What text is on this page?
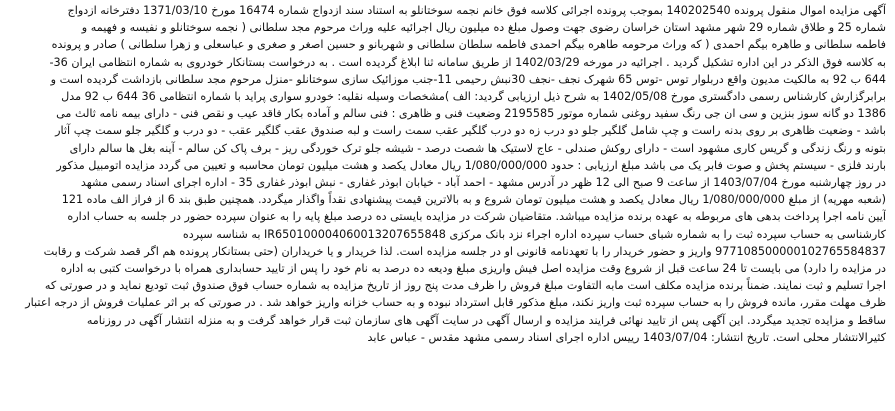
آگهی مزایده اموال منقول پرونده 140202540 بموجب پرونده اجرائی کلاسه فوق خانم نجمه سوختانلو به استناد سند ازدواج شماره 16474 مورخ 1371/03/10 دفترخانه ازدواج
شماره 25 و طلاق شماره 29 شهر مشهد استان خراسان رضوی جهت وصول مبلغ ده میلیون ریال اجرائیه علیه وراث مرحوم مجد سلطانی ( نجمه سوختانلو و نفیسه و فهیمه و
فاطمه سلطانی و طاهره بیگم احمدی ( که وراث مرحومه طاهره بیگم احمدی فاطمه سلطان سلطانی و شهربانو و حسین اصغر و صغری و عباسعلی و زهرا سلطانی ) صادر و پرونده
به کلاسه فوق الذکر در این اداره تشکیل گردید . اجرائیه در مورخه 1402/03/29 از طریق سامانه ثنا ابلاغ گردیده است . به درخواست بستانکار خودروی به شماره انتظامی ایران 36-
644 ب 92 به مالکیت مدیون واقع دربلوار توس -توس 65 شهرک نجف -نجف 30نبش رحیمی 11-جنب موزائیک سازی سوختانلو -منزل مرحوم مجد سلطانی بازداشت گردیده است و
برابرگزارش کارشناس رسمی دادگستری مورخ 1402/05/08 به شرح ذیل ارزیابی گردید: الف )مشخصات وسیله نقلیه: خودرو سواری پراید با شماره انتظامی 36 644 ب 92 مدل
1386 دو گانه سوز بنزین و سی ان جی رنگ سفید روغنی شماره موتور 2195585 وضعیت فنی و ظاهری : فنی سالم و آماده بکار فاقد عیب و نقص فنی - دارای بیمه نامه ثالث می
باشد - وضعیت ظاهری بر روی بدنه راست و چپ شامل گلگیر جلو دو درب زه دو درب گلگیر عقب سمت راست و لبه صندوق عقب گلگیر عقب - دو درب و گلگیر جلو سمت چپ آثار
بتونه و رنگ زندگی و گریس کاری مشهود است - دارای روکش صندلی - عاج لاستیک ها شصت درصد - شیشه جلو ترک خوردگی ریز - برف پاک کن سالم - آینه بغل ها سالم دارای
بارند فلزی - سیستم پخش و صوت فابر یک می باشد مبلغ ارزیابی : حدود 1/080/000/000 ریال معادل یکصد و هشت میلیون تومان محاسبه و تعیین می گردد مزایده اتومبیل مذکور
در روز چهارشنبه مورخ 1403/07/04 از ساعت 9 صبح الی 12 ظهر در آدرس مشهد - احمد آباد - خیابان ابوذر غفاری - نبش ابوذر غفاری 35 - اداره اجرای اسناد رسمی مشهد
(شعبه مهریه) از مبلغ 1/080/000/000 ریال معادل یکصد و هشت میلیون تومان شروع و به بالاترین قیمت پیشنهادی نقداً واگذار میگردد. همچنین طبق بند 6 از فراز الف ماده 121
آیین نامه اجرا پرداخت بدهی های مربوطه به عهده برنده مزایده میباشد. متقاضیان شرکت در مزایده بایستی ده درصد مبلغ پایه را به عنوان سپرده حضور در جلسه به حساب اداره
کارشناسی به حساب سپرده ثبت را به شماره شبای حساب سپرده اداره اجراء نزد بانک مرکزی IR650100004060013207655848 به شناسه سپرده
977108500000102765584837 واریز و حضور خریدار را با تعهدنامه قانونی او در جلسه مزایده است. لذا خریدار و یا خریداران (حتی بستانکار پرونده هم اگر قصد شرکت و رقابت
در مزایده را دارد) می بایست تا 24 ساعت قبل از شروع وقت مزایده اصل فیش واریزی مبلغ ودیعه ده درصد به نام خود را پس از تایید حسابداری همراه با درخواست کتبی به اداره
اجرا تسلیم و ثبت نمایند. ضمناً برنده مزایده مکلف است مابه التفاوت مبلغ فروش را ظرف مدت پنج روز از تاریخ مزایده به شماره حساب فوق صندوق ثبت تودیع نماید و در صورتی که
ظرف مهلت مقرر، مانده فروش را به حساب سپرده ثبت واریز نکند، مبلغ مذکور قابل استرداد نبوده و به حساب خزانه واریز خواهد شد . در صورتی که بر اثر عملیات فروش از درجه اعتبار
ساقط و مزایده تجدید میگردد. این آگهی پس از تایید نهائی فرایند مزایده و ارسال آگهی در سایت آگهی های سازمان ثبت قرار خواهد گرفت و به منزله انتشار آگهی در روزنامه
کثیرالانتشار محلی است. تاریخ انتشار: 1403/07/04 رییس اداره اجرای اسناد رسمی مشهد مقدس - عباس عابد
